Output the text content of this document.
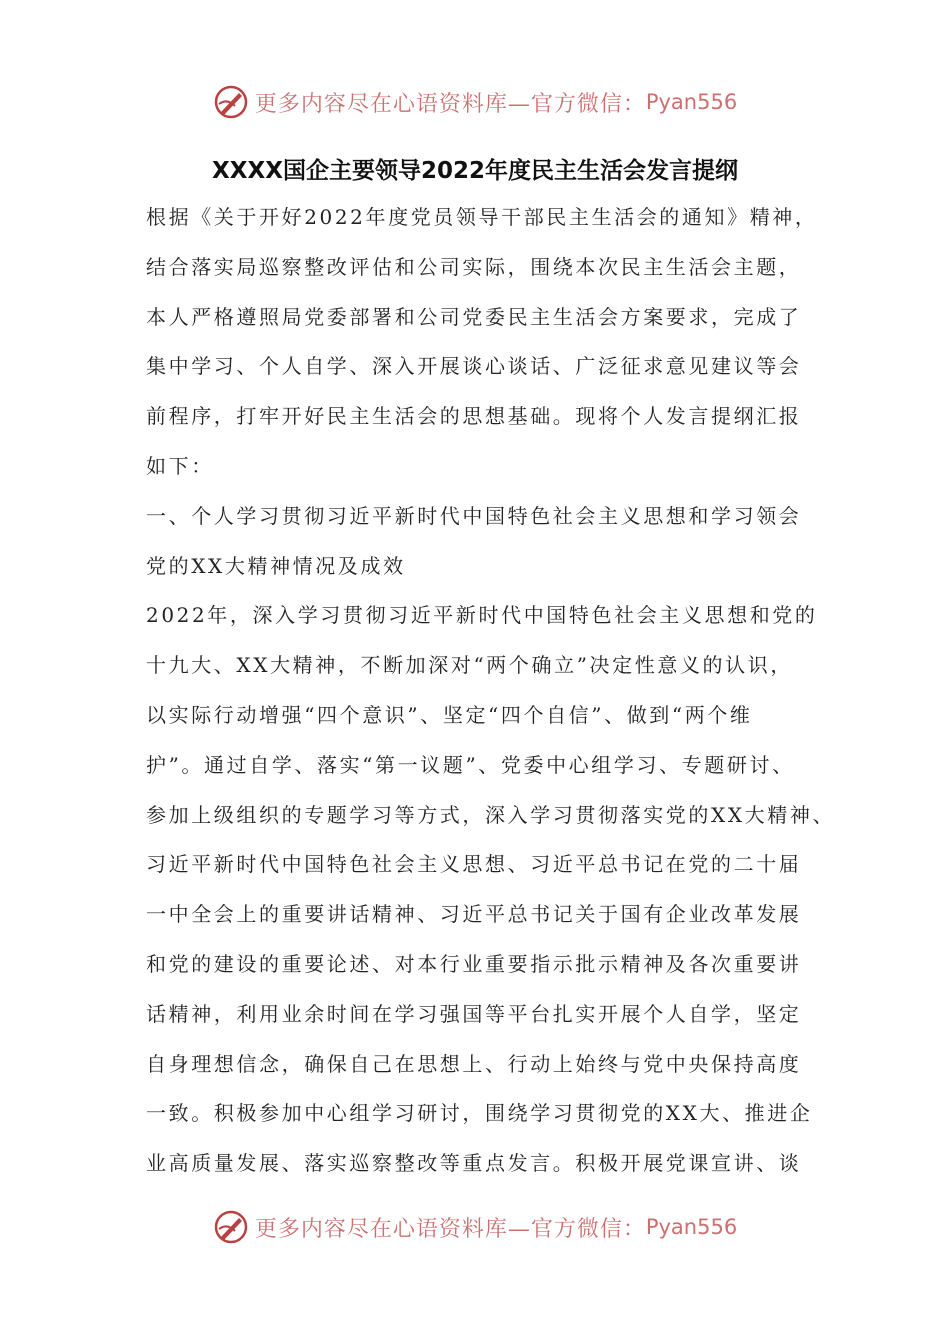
更多内容尽在心语资料库—官方微信： Pyan556
XXXX国企主要领导2022年度民主生活会发言提纲
根据《关于开好2022年度党员领导干部民主生活会的通知》精神，
结合落实局巡察整改评估和公司实际，围绕本次民主生活会主题，
本人严格遵照局党委部署和公司党委民主生活会方案要求，完成了
集中学习、个人自学、深入开展谈心谈话、广泛征求意见建议等会
前程序，打牢开好民主生活会的思想基础。现将个人发言提纲汇报
如下：
一、个人学习贯彻习近平新时代中国特色社会主义思想和学习领会
党的XX大精神情况及成效
2022年，深入学习贯彻习近平新时代中国特色社会主义思想和党的
十九大、XX大精神，不断加深对“两个确立”决定性意义的认识，
以实际行动增强“四个意识”、坚定“四个自信”、做到“两个维
护”。通过自学、落实“第一议题”、党委中心组学习、专题研讨、
参加上级组织的专题学习等方式，深入学习贯彻落实党的XX大精神、
习近平新时代中国特色社会主义思想、习近平总书记在党的二十届
一中全会上的重要讲话精神、习近平总书记关于国有企业改革发展
和党的建设的重要论述、对本行业重要指示批示精神及各次重要讲
话精神，利用业余时间在学习强国等平台扎实开展个人自学，坚定
自身理想信念，确保自己在思想上、行动上始终与党中央保持高度
一致。积极参加中心组学习研讨，围绕学习贯彻党的XX大、推进企
业高质量发展、落实巡察整改等重点发言。积极开展党课宣讲、谈
更多内容尽在心语资料库—官方微信： Pyan556
